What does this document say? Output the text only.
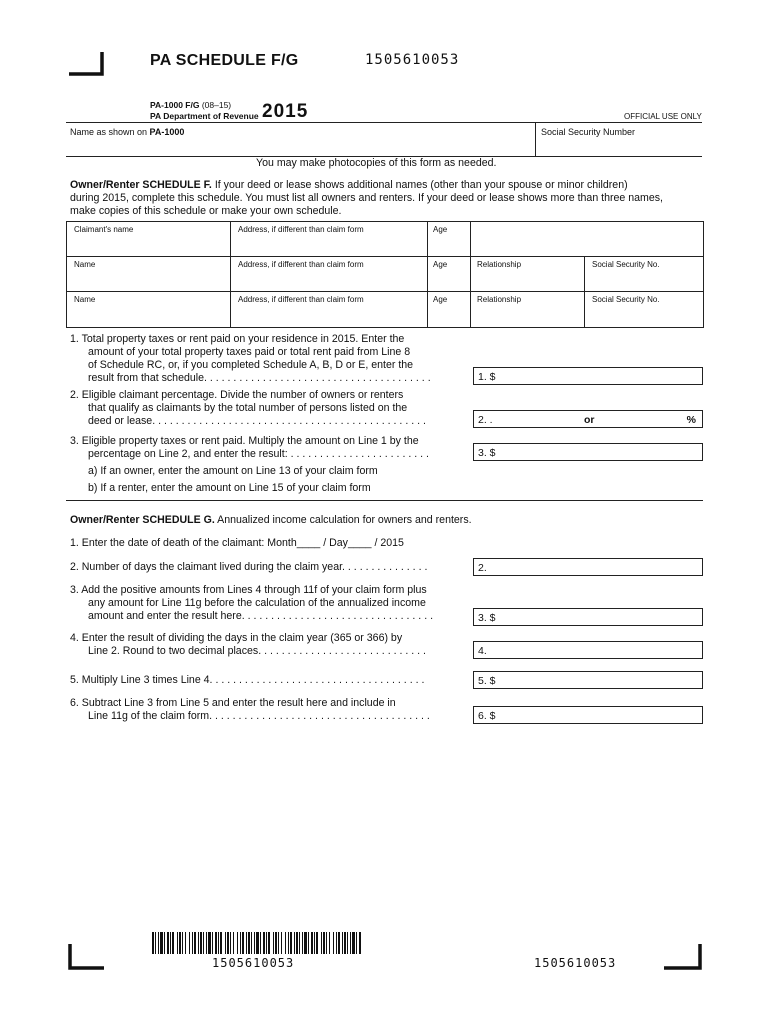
PA SCHEDULE F/G	1505610053
PA-1000 F/G (08–15)
PA Department of Revenue 2015	OFFICIAL USE ONLY
Name as shown on PA-1000	Social Security Number
You may make photocopies of this form as needed.
Owner/Renter SCHEDULE F. If your deed or lease shows additional names (other than your spouse or minor children)
during 2015, complete this schedule. You must list all owners and renters. If your deed or lease shows more than three names,
make copies of this schedule or make your own schedule.
Claimant's name	Address, if different than claim form	Age
Name	Address, if different than claim form	Age	Relationship	Social Security No.
Name	Address, if different than claim form	Age	Relationship	Social Security No.
1. Total property taxes or rent paid on your residence in 2015. Enter the
amount of your total property taxes paid or total rent paid from Line 8
of Schedule RC, or, if you completed Schedule A, B, D or E, enter the
result from that schedule. . . . . . . . . . . . . . . . . . . . . . . . . . . . . . . . . . . . . . .	1. $
2. Eligible claimant percentage. Divide the number of owners or renters
that qualify as claimants by the total number of persons listed on the
deed or lease. . . . . . . . . . . . . . . . . . . . . . . . . . . . . . . . . . . . . . . . . . . . . . .	2. .	or	%
3. Eligible property taxes or rent paid. Multiply the amount on Line 1 by the
percentage on Line 2, and enter the result: . . . . . . . . . . . . . . . . . . . . . . . .
a) If an owner, enter the amount on Line 13 of your claim form
b) If a renter, enter the amount on Line 15 of your claim form
3. $
Owner/Renter SCHEDULE G. Annualized income calculation for owners and renters.
1. Enter the date of death of the claimant: Month____ / Day____ / 2015
2. Number of days the claimant lived during the claim year. . . . . . . . . . . . . . .	2.
3. Add the positive amounts from Lines 4 through 11f of your claim form plus
any amount for Line 11g before the calculation of the annualized income
amount and enter the result here. . . . . . . . . . . . . . . . . . . . . . . . . . . . . . . . .	3. $
4. Enter the result of dividing the days in the claim year (365 or 366) by
Line 2. Round to two decimal places. . . . . . . . . . . . . . . . . . . . . . . . . . . . .	4.
5. Multiply Line 3 times Line 4. . . . . . . . . . . . . . . . . . . . . . . . . . . . . . . . . . . . .	5. $
6. Subtract Line 3 from Line 5 and enter the result here and include in
Line 11g of the claim form. . . . . . . . . . . . . . . . . . . . . . . . . . . . . . . . . . . . . .	6. $
1505610053	1505610053
